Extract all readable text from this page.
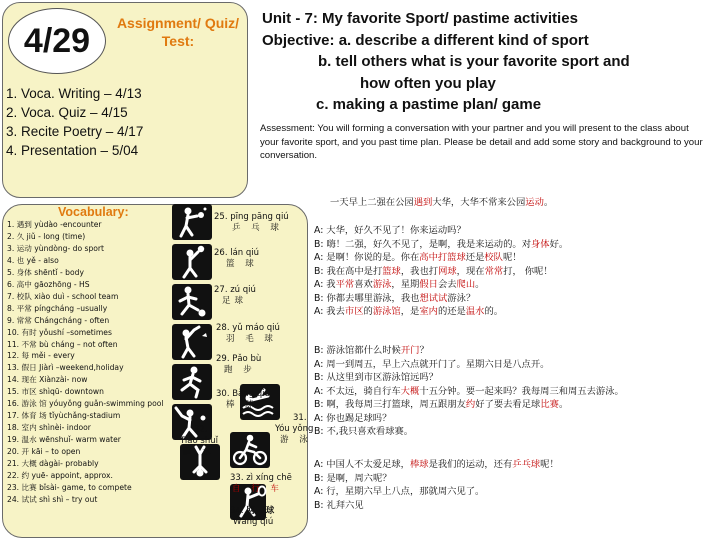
4/29	Assignment/ Quiz/ Test:
1. Voca. Writing – 4/13
2. Voca. Quiz – 4/15
3. Recite Poetry – 4/17
4. Presentation – 5/04
Unit - 7: My favorite Sport/ pastime activities
Objective: a. describe a different kind of sport
b. tell others what is your favorite sport and
how often you play
c. making a pastime plan/ game
Assessment: You will forming a conversation with your partner and you will present to the class about your favorite sport, and you past time plan. Please be detail and add some story and background to your conversation.
Vocabulary:
1. 遇到 yùdào -encounter
2. 久 jiǔ - long (time)
3. 运动 yùndòng- do sport
4. 也 yě - also
5. 身体 shēntǐ - body
6. 高中 gāozhōng - HS
7. 校队 xiào duì - school team
8. 平常 píngcháng –usually
9. 常常 Chángcháng - often
10. 有时 yǒushí –sometimes
11. 不常 bù cháng – not often
12. 每 měi - every
13. 假日 Jiàrì –weekend,holiday
14. 现在 Xiànzài- now
15. 市区 shìqū- downtown
16. 游泳 馆 yóuyǒng guǎn-swimming pool
17. 体育 场 tǐyùchǎng-stadium
18. 室内 shìnèi- indoor
19. 温水 wēnshuǐ- warm water
20. 开 kāi – to open
21. 大概 dàgài- probably
22. 约 yuē- appoint, approx.
23. 比赛 bǐsài- game, to compete
24. 试试 shì shì – try out
25. pīng pāng qiú
乒 乓 球
26. lán qiú
篮 球
27. zú qiú
足球
28. yǔ máo qiú
羽 毛 球
29. Pǎo bù
跑 步
30. Bàng qiú
棒 球
31.
Yóu yǒng
游 泳
32.
Tiào shuǐ
跳 水
33. zì xíng chē
自 行 车
34. 网 球
Wǎng qiú
一天早上二强在公园遇到大华，大华不常来公园运动。
A: 大华，好久不见了！你来运动吗？
B: 嗨！二强，好久不见了，是啊，我是来运动的。对身体好。
A: 是啊！你说的是。你在高中打篮球还是校队呢！
B: 我在高中是打篮球，我也打网球，现在常常打， 你呢！
A: 我平常喜欢游泳，星期假日会去爬山。
B: 你都去哪里游泳，我也想试试游泳？
A: 我去市区的游泳馆，是室内的还是温水的。
B: 游泳馆都什么时候开门？
A: 周一到周五，早上六点就开门了。星期六日是八点开。
B: 从这里到市区游泳馆远吗？
A: 不太远，骑自行车大概十五分钟。要一起来吗？我每周三和周五去游泳。
B: 啊，我每周三打篮球，周五跟朋友约好了要去看足球比赛。
A: 你也踢足球吗？
B: 不,我只喜欢看球赛。
A: 中国人不太爱足球，棒球是我们的运动，还有乒乓球呢！
B: 是啊，周六呢？
A: 行，星期六早上八点，那就周六见了。
B: 礼拜六见
